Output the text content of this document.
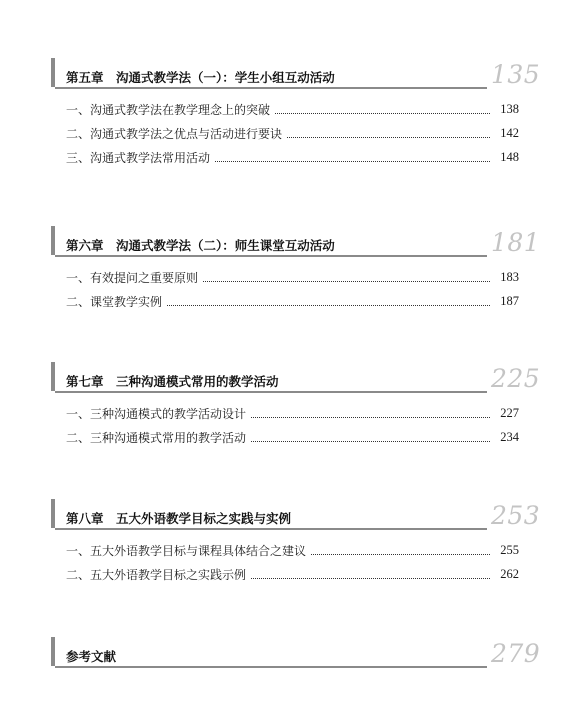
第五章　沟通式教学法（一）：学生小组互动活动	135
一、沟通式教学法在教学理念上的突破	138
二、沟通式教学法之优点与活动进行要诀	142
三、沟通式教学法常用活动	148
第六章　沟通式教学法（二）：师生课堂互动活动	181
一、有效提问之重要原则	183
二、课堂教学实例	187
第七章　三种沟通模式常用的教学活动	225
一、三种沟通模式的教学活动设计	227
二、三种沟通模式常用的教学活动	234
第八章　五大外语教学目标之实践与实例	253
一、五大外语教学目标与课程具体结合之建议	255
二、五大外语教学目标之实践示例	262
参考文献	279
